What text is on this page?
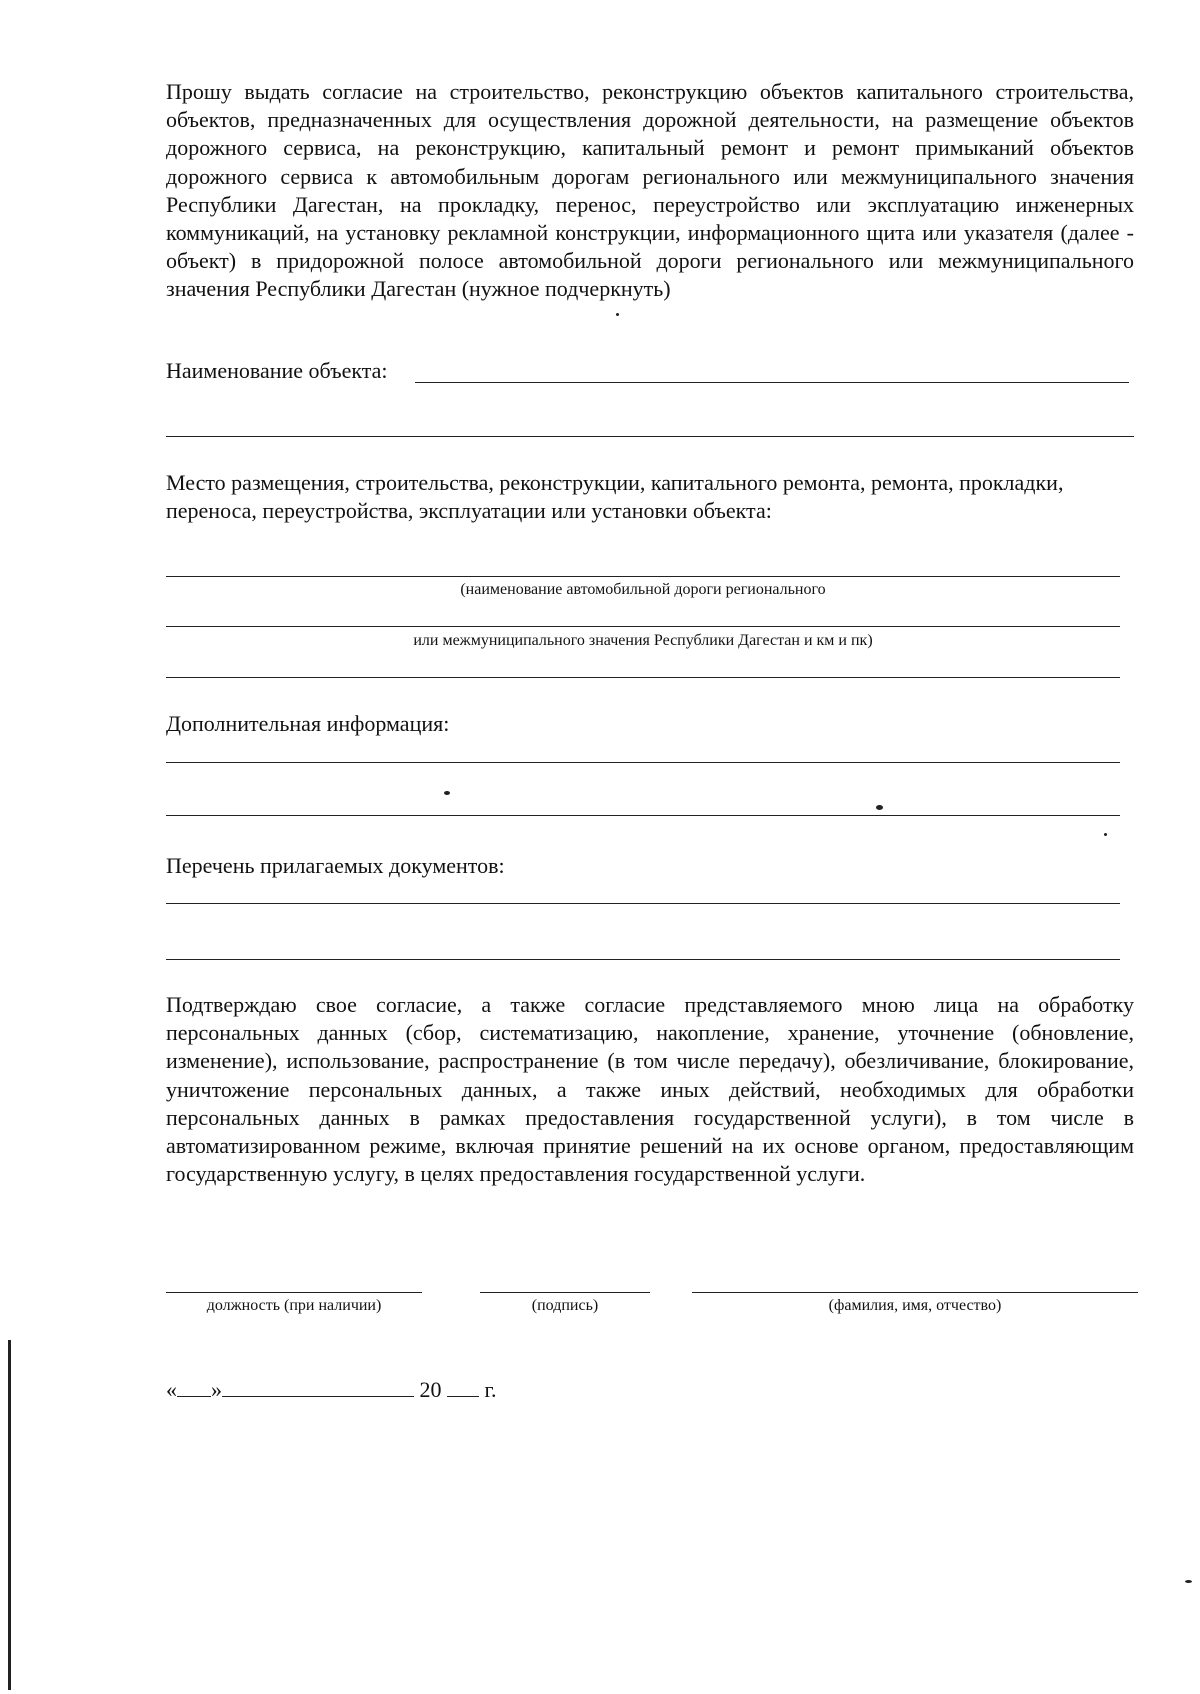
Прошу выдать согласие на строительство, реконструкцию объектов капитального строительства, объектов, предназначенных для осуществления дорожной деятельности, на размещение объектов дорожного сервиса, на реконструкцию, капитальный ремонт и ремонт примыканий объектов дорожного сервиса к автомобильным дорогам регионального или межмуниципального значения Республики Дагестан, на прокладку, перенос, переустройство или эксплуатацию инженерных коммуникаций, на установку рекламной конструкции, информационного щита или указателя (далее - объект) в придорожной полосе автомобильной дороги регионального или межмуниципального значения Республики Дагестан (нужное подчеркнуть)

Наименование объекта:

Место размещения, строительства, реконструкции, капитального ремонта, ремонта, прокладки, переноса, переустройства, эксплуатации или установки объекта:

(наименование автомобильной дороги регионального
или межмуниципального значения Республики Дагестан и км и пк)
Дополнительная информация:
Перечень прилагаемых документов:

Подтверждаю свое согласие, а также согласие представляемого мною лица на обработку персональных данных (сбор, систематизацию, накопление, хранение, уточнение (обновление, изменение), использование, распространение (в том числе передачу), обезличивание, блокирование, уничтожение персональных данных, а также иных действий, необходимых для обработки персональных данных в рамках предоставления государственной услуги), в том числе в автоматизированном режиме, включая принятие решений на их основе органом, предоставляющим государственную услугу, в целях предоставления государственной услуги.

должность (при наличии)	(подпись)	(фамилия, имя, отчество)
« »	20 г.
